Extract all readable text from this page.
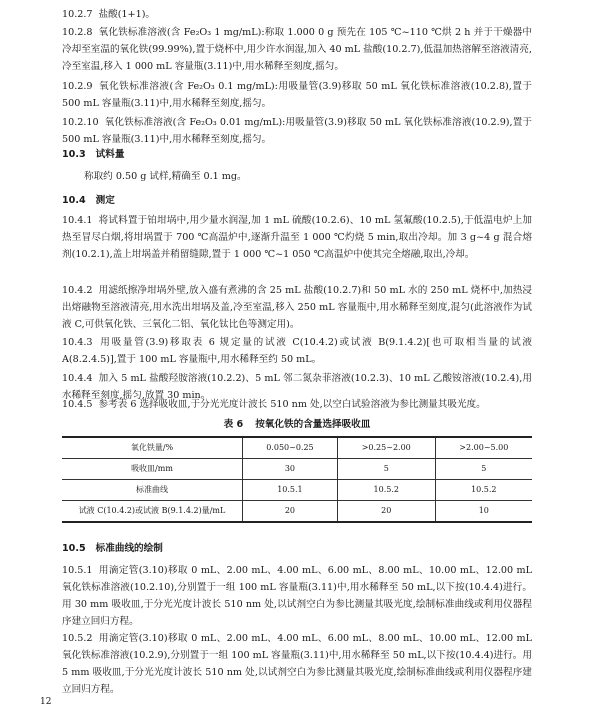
10.2.7 盐酸(1+1)。

10.2.8 氧化铁标准溶液(含 Fe₂O₃ 1 mg/mL):称取 1.000 0 g 预先在 105 ℃~110 ℃烘 2 h 并于干燥器中冷却至室温的氧化铁(99.99%),置于烧杯中,用少许水润湿,加入 40 mL 盐酸(10.2.7),低温加热溶解至溶液清亮,冷至室温,移入 1 000 mL 容量瓶(3.11)中,用水稀释至刻度,摇匀。

10.2.9 氧化铁标准溶液(含 Fe₂O₃ 0.1 mg/mL):用吸量管(3.9)移取 50 mL 氧化铁标准溶液(10.2.8),置于 500 mL 容量瓶(3.11)中,用水稀释至刻度,摇匀。

10.2.10 氧化铁标准溶液(含 Fe₂O₃ 0.01 mg/mL):用吸量管(3.9)移取 50 mL 氧化铁标准溶液(10.2.9),置于 500 mL 容量瓶(3.11)中,用水稀释至刻度,摇匀。

10.3 试料量

称取约 0.50 g 试样,精确至 0.1 mg。

10.4 测定

10.4.1 将试料置于铂坩埚中,用少量水润湿,加 1 mL 硫酸(10.2.6)、10 mL 氢氟酸(10.2.5),于低温电炉上加热至冒尽白烟,将坩埚置于 700 ℃高温炉中,逐渐升温至 1 000 ℃灼烧 5 min,取出冷却。加 3 g~4 g 混合熔剂(10.2.1),盖上坩埚盖并稍留缝隙,置于 1 000 ℃~1 050 ℃高温炉中使其完全熔融,取出,冷却。

10.4.2 用滤纸擦净坩埚外壁,放入盛有煮沸的含 25 mL 盐酸(10.2.7)和 50 mL 水的 250 mL 烧杯中,加热浸出熔融物至溶液清亮,用水洗出坩埚及盖,冷至室温,移入 250 mL 容量瓶中,用水稀释至刻度,混匀(此溶液作为试液 C,可供氧化铁、三氧化二铝、氧化钛比色等测定用)。

10.4.3 用吸量管(3.9)移取表 6 规定量的试液 C(10.4.2)或试液 B(9.1.4.2)[也可取相当量的试液 A(8.2.4.5)],置于 100 mL 容量瓶中,用水稀释至约 50 mL。

10.4.4 加入 5 mL 盐酸羟胺溶液(10.2.2)、5 mL 邻二氮杂菲溶液(10.2.3)、10 mL 乙酸铵溶液(10.2.4),用水稀释至刻度,摇匀,放置 30 min。

10.4.5 参考表 6 选择吸收皿,于分光光度计波长 510 nm 处,以空白试验溶液为参比测量其吸光度。

表 6 按氧化铁的含量选择吸收皿

氧化铁量/%	0.050~0.25	>0.25~2.00	>2.00~5.00
吸收皿/mm	30	5	5
标准曲线	10.5.1	10.5.2	10.5.2
试液 C(10.4.2)或试液 B(9.1.4.2)量/mL	20	20	10

10.5 标准曲线的绘制

10.5.1 用滴定管(3.10)移取 0 mL、2.00 mL、4.00 mL、6.00 mL、8.00 mL、10.00 mL、12.00 mL 氧化铁标准溶液(10.2.10),分别置于一组 100 mL 容量瓶(3.11)中,用水稀释至 50 mL,以下按(10.4.4)进行。用 30 mm 吸收皿,于分光光度计波长 510 nm 处,以试剂空白为参比测量其吸光度,绘制标准曲线或利用仪器程序建立回归方程。

10.5.2 用滴定管(3.10)移取 0 mL、2.00 mL、4.00 mL、6.00 mL、8.00 mL、10.00 mL、12.00 mL 氧化铁标准溶液(10.2.9),分别置于一组 100 mL 容量瓶(3.11)中,用水稀释至 50 mL,以下按(10.4.4)进行。用 5 mm 吸收皿,于分光光度计波长 510 nm 处,以试剂空白为参比测量其吸光度,绘制标准曲线或利用仪器程序建立回归方程。

12
